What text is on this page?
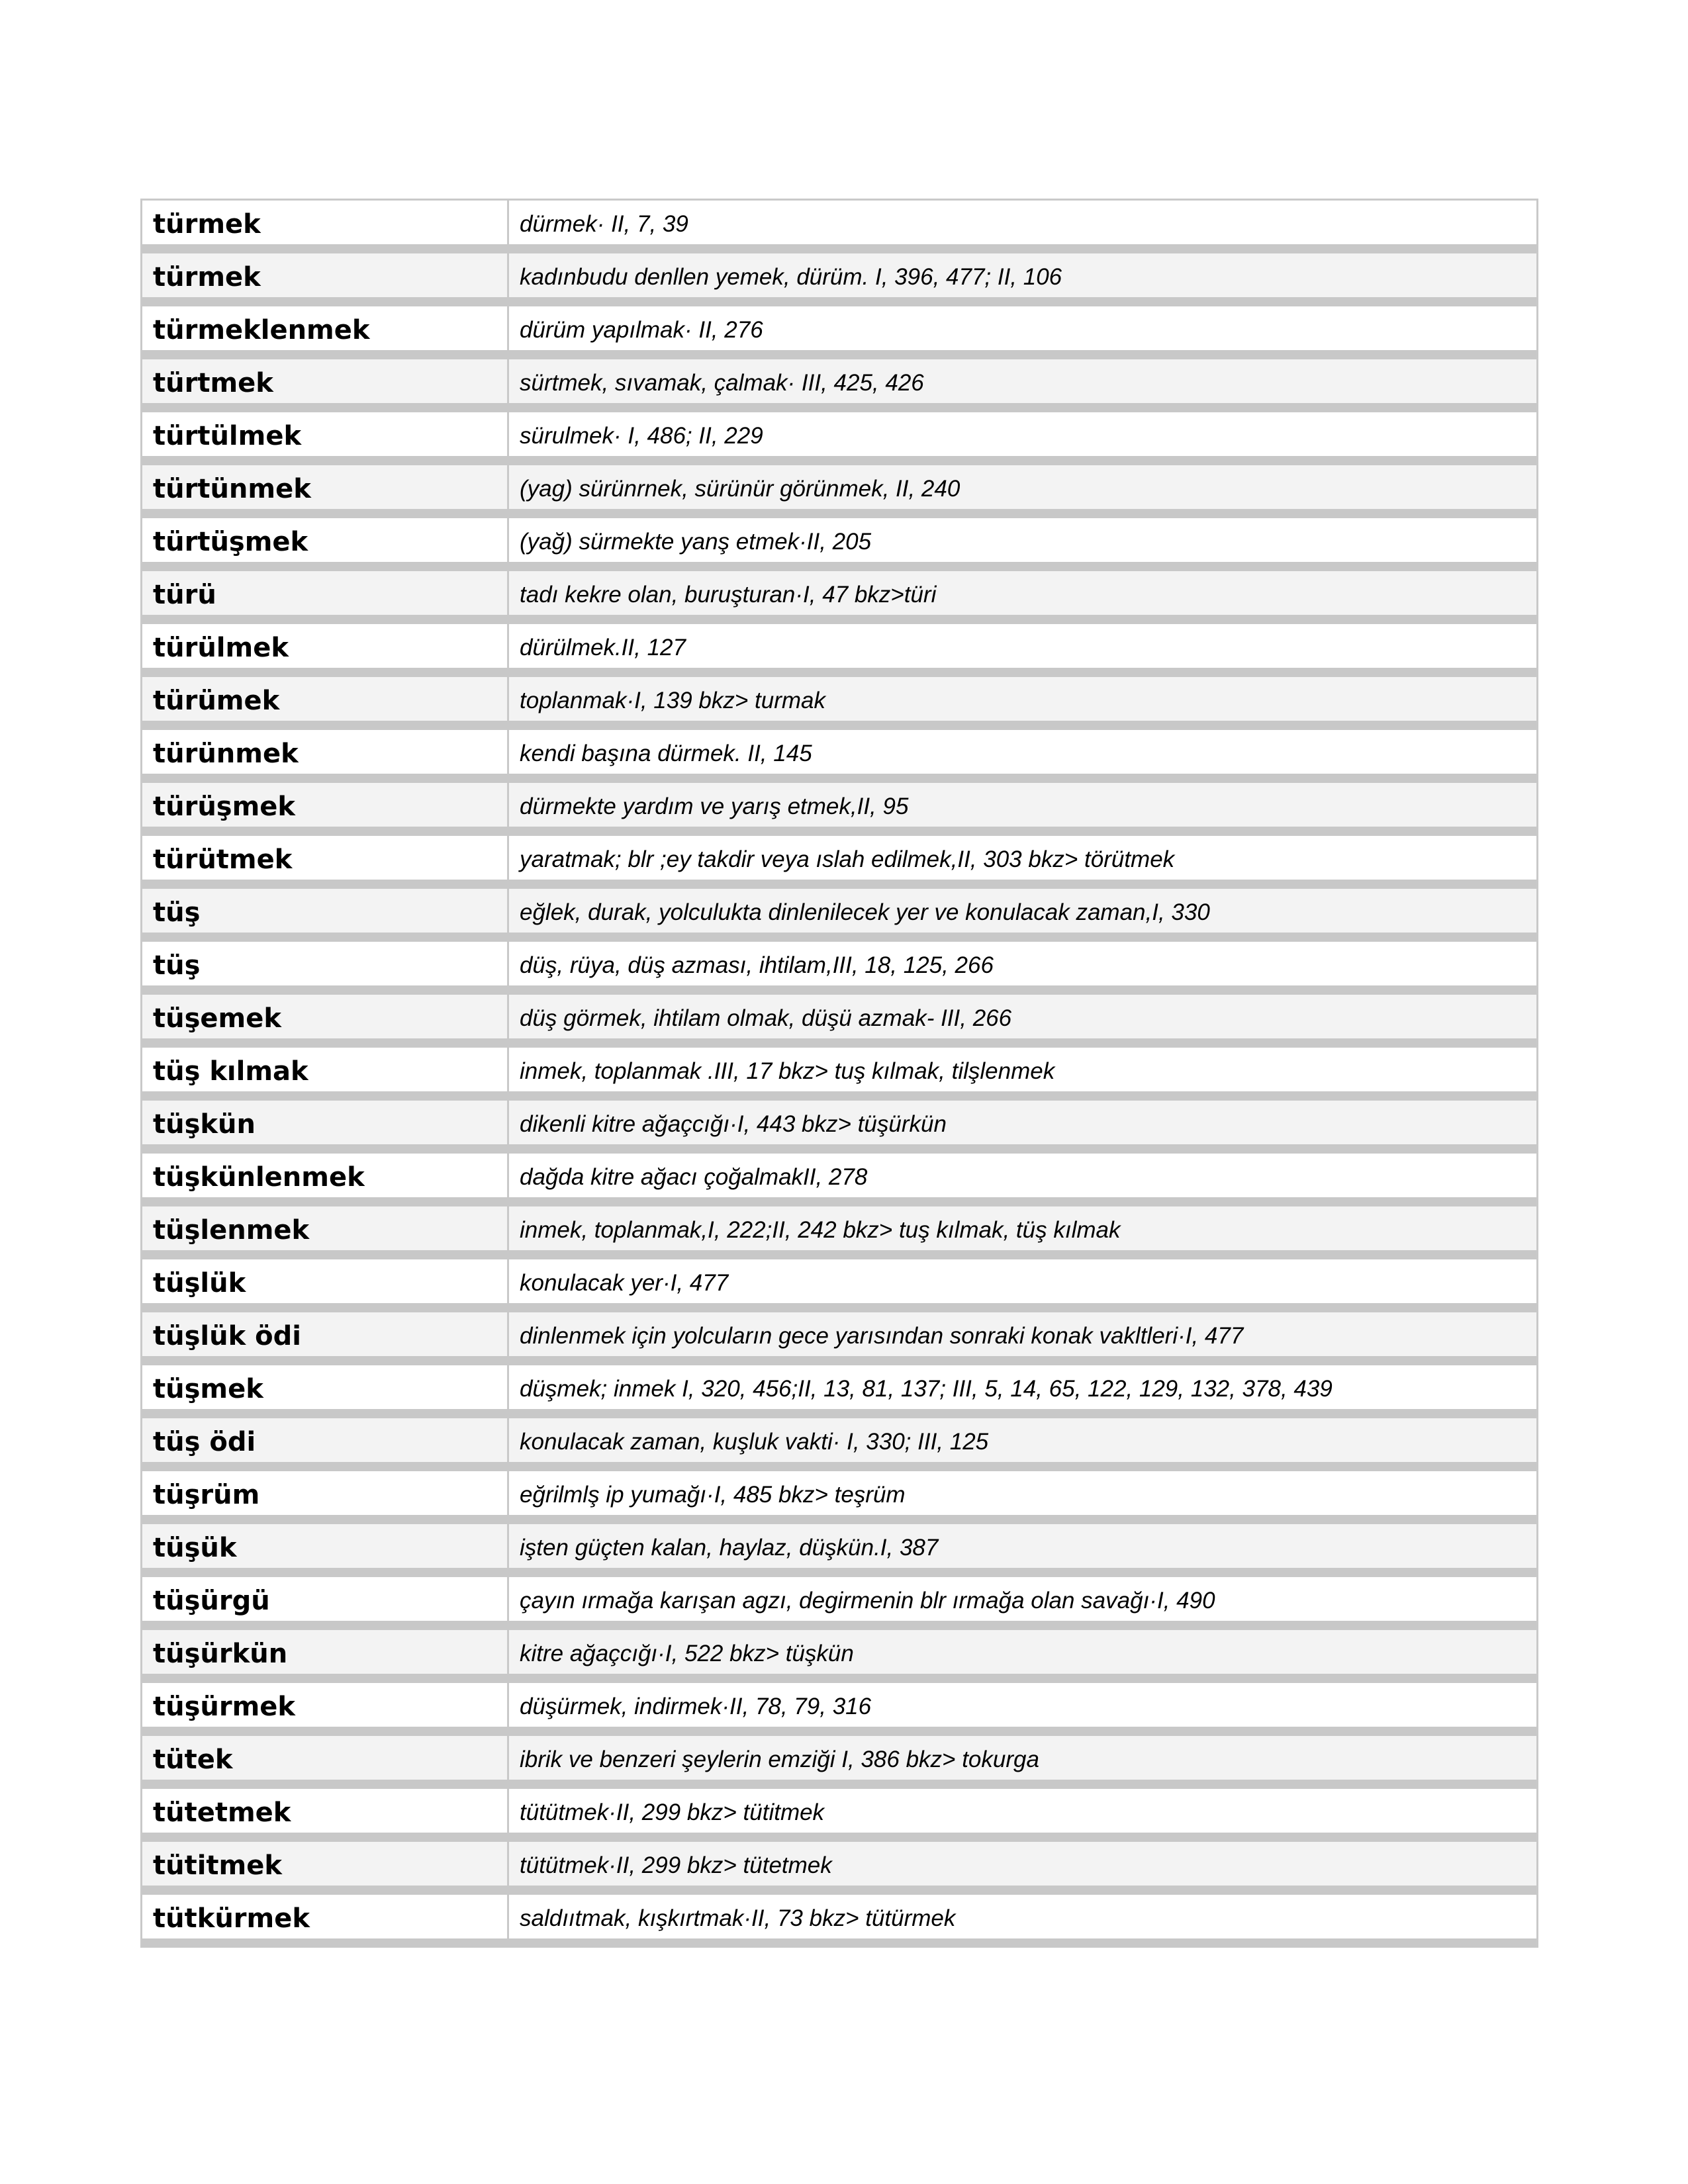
türmek	dürmek· II, 7, 39
türmek	kadınbudu denllen yemek, dürüm. I, 396, 477; II, 106
türmeklenmek	dürüm yapılmak· II, 276
türtmek	sürtmek, sıvamak, çalmak· III, 425, 426
türtülmek	sürulmek· I, 486; II, 229
türtünmek	(yag) sürünrnek, sürünür görünmek, II, 240
türtüşmek	(yağ) sürmekte yanş etmek·II, 205
türü	tadı kekre olan, buruşturan·I, 47 bkz>türi
türülmek	dürülmek.II, 127
türümek	toplanmak·I, 139 bkz> turmak
türünmek	kendi başına dürmek. II, 145
türüşmek	dürmekte yardım ve yarış etmek,II, 95
türütmek	yaratmak; blr ;ey takdir veya ıslah edilmek,II, 303 bkz> törütmek
tüş	eğlek, durak, yolculukta dinlenilecek yer ve konulacak zaman,I, 330
tüş	düş, rüya, düş azması, ihtilam,III, 18, 125, 266
tüşemek	düş görmek, ihtilam olmak, düşü azmak- III, 266
tüş kılmak	inmek, toplanmak .III, 17 bkz> tuş kılmak, tilşlenmek
tüşkün	dikenli kitre ağaçcığı·I, 443 bkz> tüşürkün
tüşkünlenmek	dağda kitre ağacı çoğalmakII, 278
tüşlenmek	inmek, toplanmak,I, 222;II, 242 bkz> tuş kılmak, tüş kılmak
tüşlük	konulacak yer·I, 477
tüşlük ödi	dinlenmek için yolcuların gece yarısından sonraki konak vakltleri·I, 477
tüşmek	düşmek; inmek I, 320, 456;II, 13, 81, 137; III, 5, 14, 65, 122, 129, 132, 378, 439
tüş ödi	konulacak zaman, kuşluk vakti· I, 330; III, 125
tüşrüm	eğrilmlş ip yumağı·I, 485 bkz> teşrüm
tüşük	işten güçten kalan, haylaz, düşkün.I, 387
tüşürgü	çayın ırmağa karışan agzı, degirmenin blr ırmağa olan savağı·I, 490
tüşürkün	kitre ağaçcığı·I, 522 bkz> tüşkün
tüşürmek	düşürmek, indirmek·II, 78, 79, 316
tütek	ibrik ve benzeri şeylerin emziği I, 386 bkz> tokurga
tütetmek	tütütmek·II, 299 bkz> tütitmek
tütitmek	tütütmek·II, 299 bkz> tütetmek
tütkürmek	saldııtmak, kışkırtmak·II, 73 bkz> tütürmek
